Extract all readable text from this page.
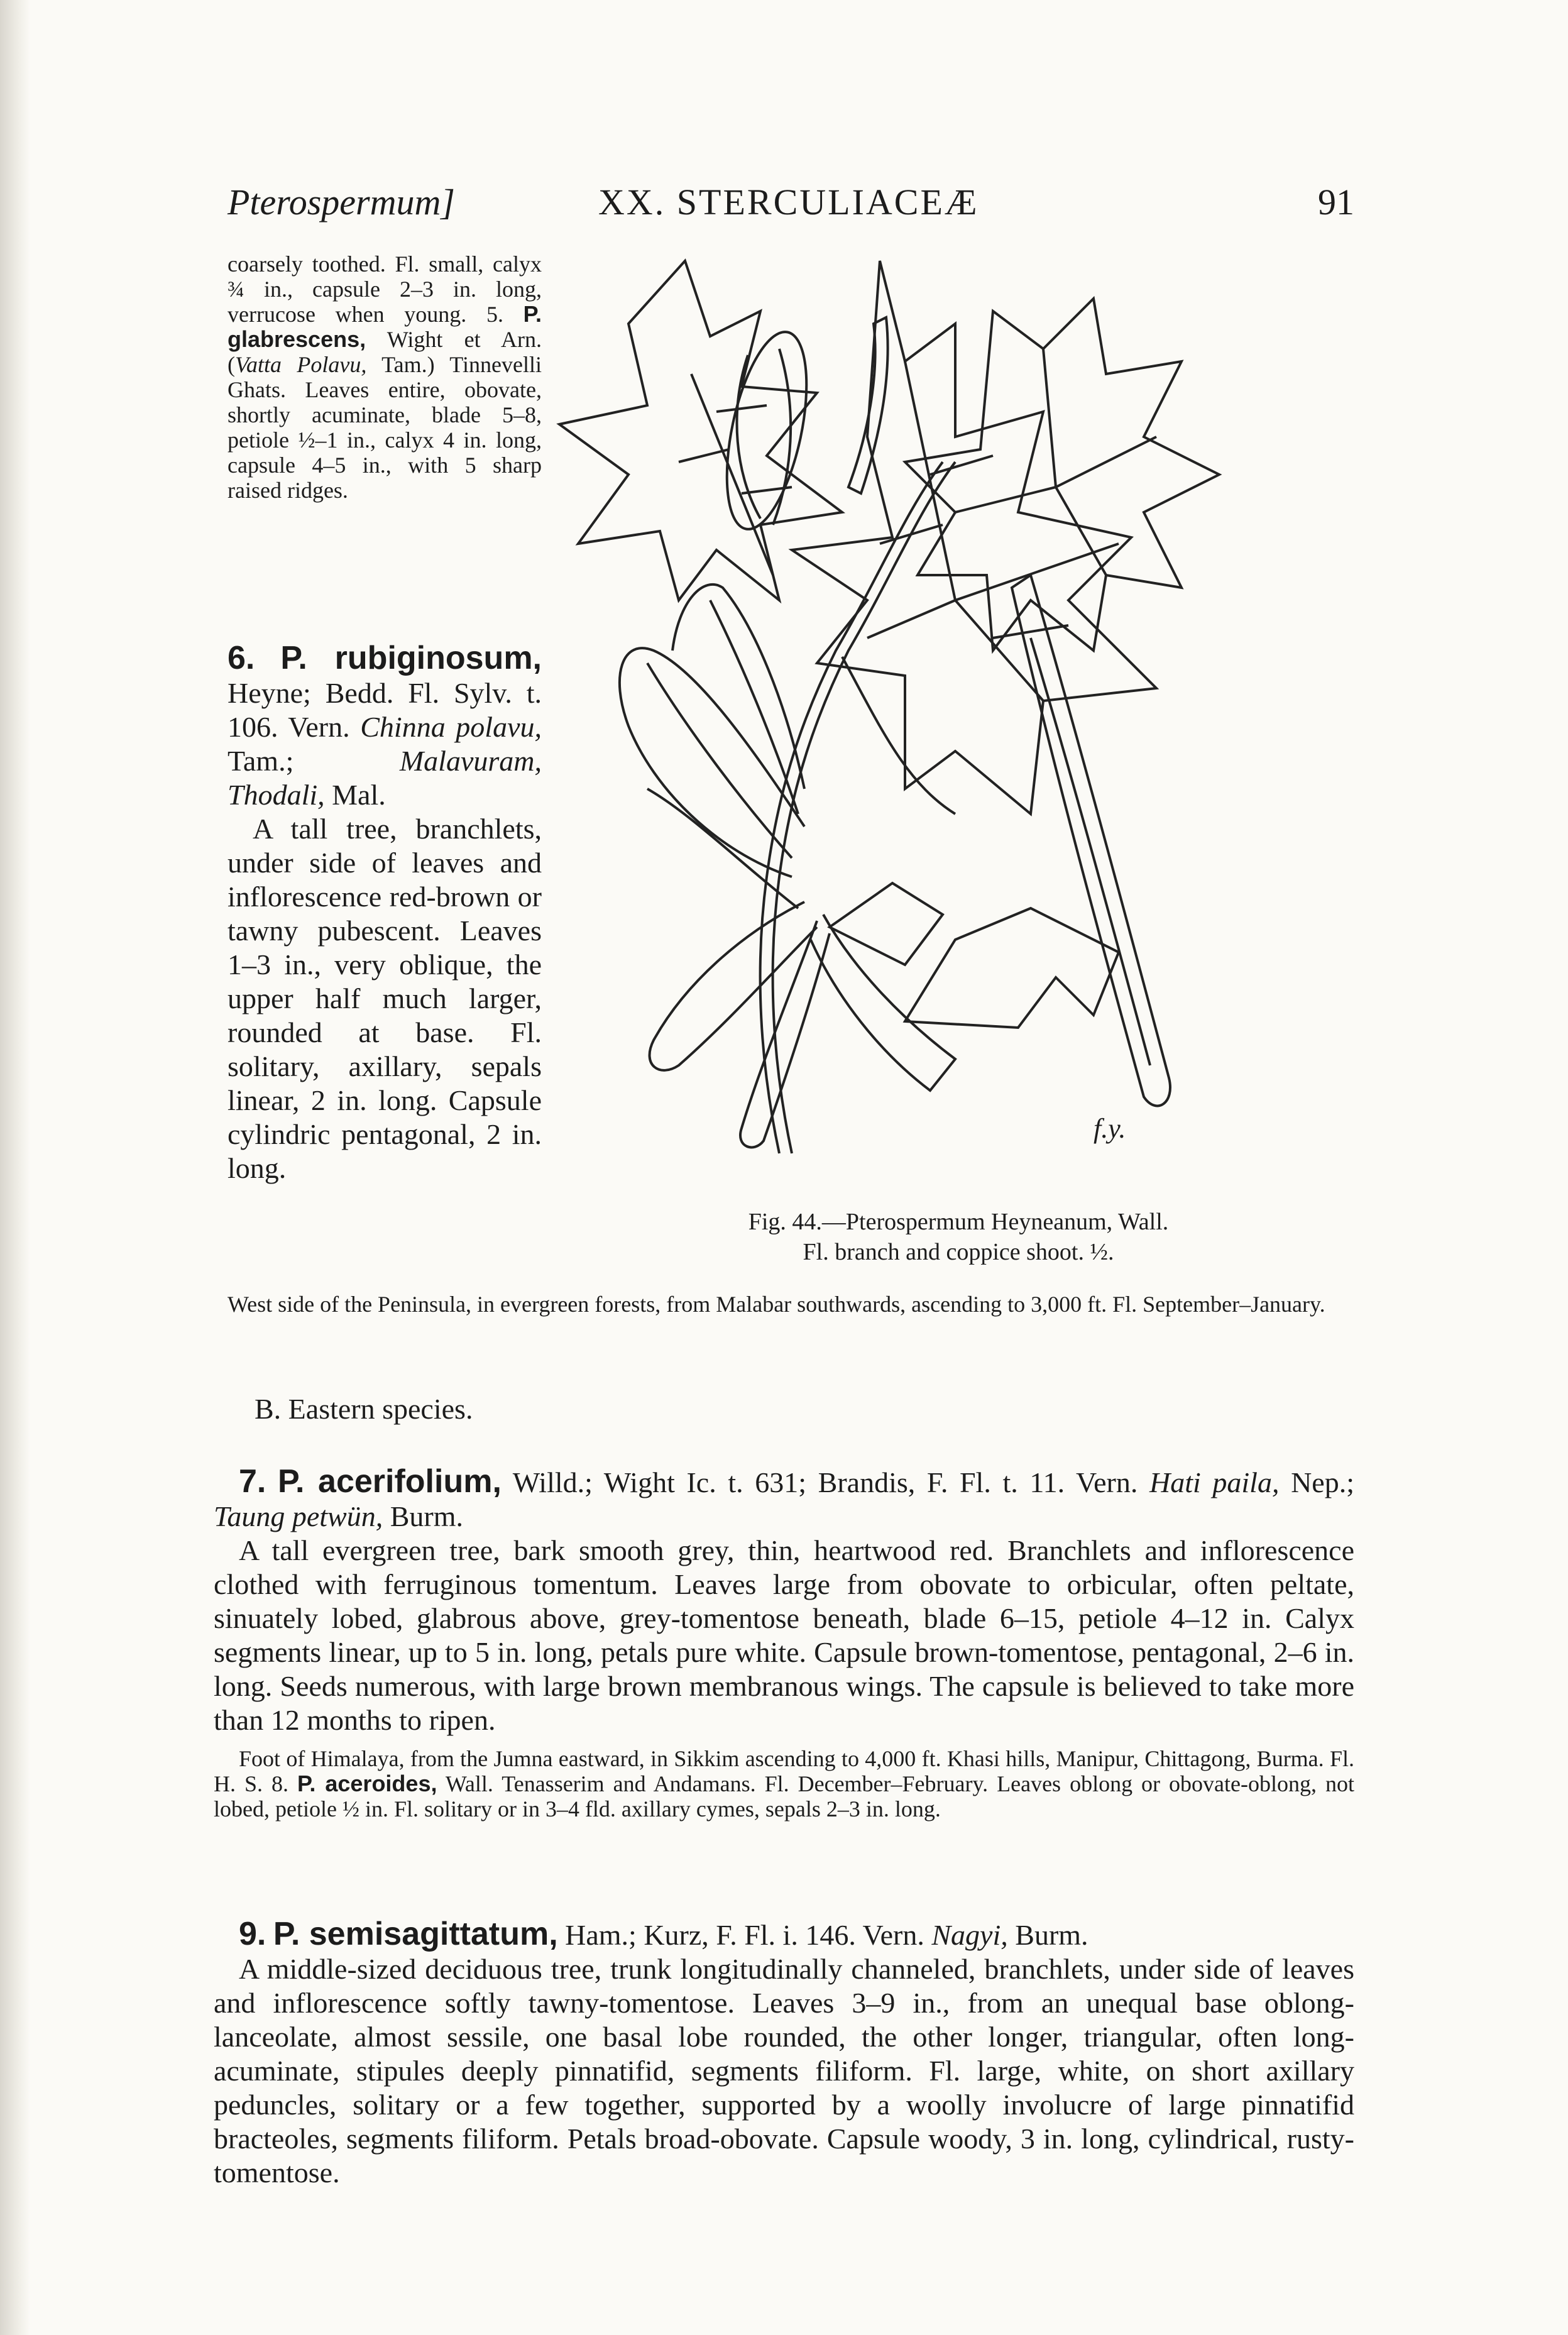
Pterospermum]	XX. STERCULIACEÆ	91

coarsely toothed. Fl. small, calyx ¾ in., capsule 2–3 in. long, verrucose when young. 5. P. glabrescens, Wight et Arn. (Vatta Polavu, Tam.) Tinnevelli Ghats. Leaves entire, obovate, shortly acuminate, blade 5–8, petiole ½–1 in., calyx 4 in. long, capsule 4–5 in., with 5 sharp raised ridges.

6. P. rubiginosum, Heyne; Bedd. Fl. Sylv. t. 106. Vern. Chinna polavu, Tam.; Malavuram, Thodali, Mal.

A tall tree, branchlets, under side of leaves and inflorescence red-brown or tawny pubescent. Leaves 1–3 in., very oblique, the upper half much larger, rounded at base. Fl. solitary, axillary, sepals linear, 2 in. long. Capsule cylindric pentagonal, 2 in. long.

f.y.
Fig. 44.—Pterospermum Heyneanum, Wall.
Fl. branch and coppice shoot. ½.
West side of the Peninsula, in evergreen forests, from Malabar southwards, ascending to 3,000 ft. Fl. September–January.
B. Eastern species.

7. P. acerifolium, Willd.; Wight Ic. t. 631; Brandis, F. Fl. t. 11. Vern. Hati paila, Nep.; Taung petwün, Burm.

A tall evergreen tree, bark smooth grey, thin, heartwood red. Branchlets and inflorescence clothed with ferruginous tomentum. Leaves large from obovate to orbicular, often peltate, sinuately lobed, glabrous above, grey-tomentose beneath, blade 6–15, petiole 4–12 in. Calyx segments linear, up to 5 in. long, petals pure white. Capsule brown-tomentose, pentagonal, 2–6 in. long. Seeds numerous, with large brown membranous wings. The capsule is believed to take more than 12 months to ripen.

Foot of Himalaya, from the Jumna eastward, in Sikkim ascending to 4,000 ft. Khasi hills, Manipur, Chittagong, Burma. Fl. H. S. 8. P. aceroides, Wall. Tenasserim and Andamans. Fl. December–February. Leaves oblong or obovate-oblong, not lobed, petiole ½ in. Fl. solitary or in 3–4 fld. axillary cymes, sepals 2–3 in. long.

9. P. semisagittatum, Ham.; Kurz, F. Fl. i. 146. Vern. Nagyi, Burm.

A middle-sized deciduous tree, trunk longitudinally channeled, branchlets, under side of leaves and inflorescence softly tawny-tomentose. Leaves 3–9 in., from an unequal base oblong-lanceolate, almost sessile, one basal lobe rounded, the other longer, triangular, often long-acuminate, stipules deeply pinnatifid, segments filiform. Fl. large, white, on short axillary peduncles, solitary or a few together, supported by a woolly involucre of large pinnatifid bracteoles, segments filiform. Petals broad-obovate. Capsule woody, 3 in. long, cylindrical, rusty-tomentose.
